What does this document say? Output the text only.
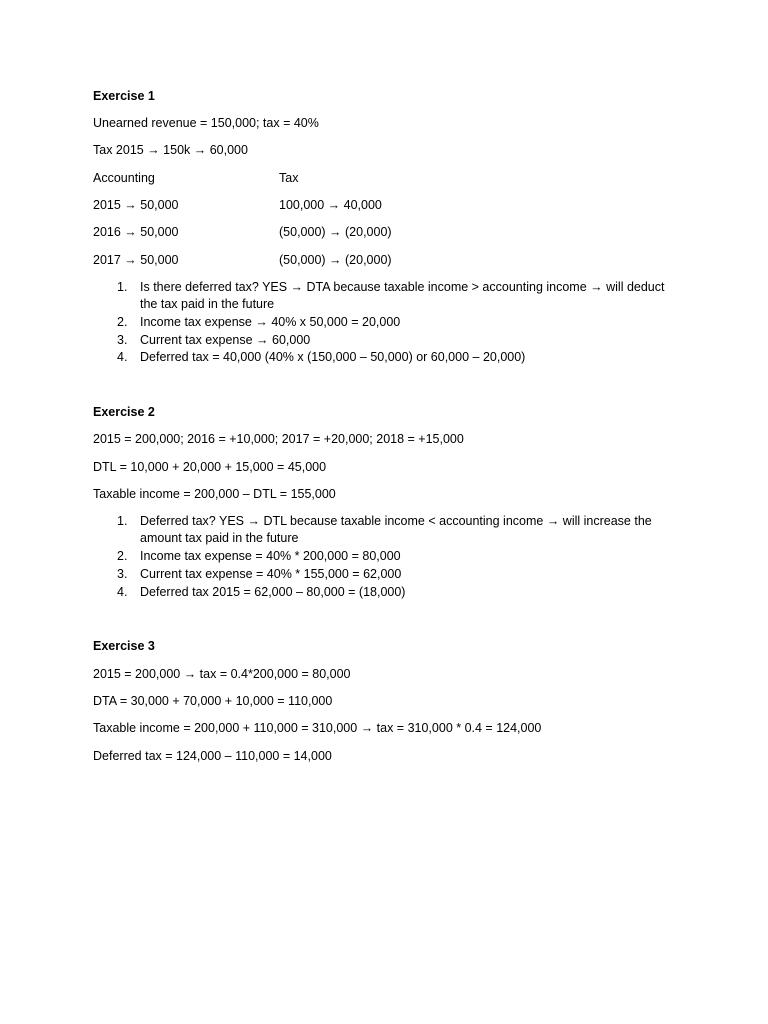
Exercise 1
Unearned revenue = 150,000; tax = 40%
Tax 2015 → 150k → 60,000
Accounting	Tax
2015 → 50,000	100,000 → 40,000
2016 → 50,000	(50,000) → (20,000)
2017 → 50,000	(50,000) → (20,000)
1.	Is there deferred tax? YES → DTA because taxable income > accounting income → will deduct the tax paid in the future
2.	Income tax expense → 40% x 50,000 = 20,000
3.	Current tax expense → 60,000
4.	Deferred tax = 40,000 (40% x (150,000 – 50,000) or 60,000 – 20,000)
Exercise 2
2015 = 200,000; 2016 = +10,000; 2017 = +20,000; 2018 = +15,000
DTL = 10,000 + 20,000 + 15,000 = 45,000
Taxable income = 200,000 – DTL = 155,000
1.	Deferred tax? YES → DTL because taxable income < accounting income → will increase the amount tax paid in the future
2.	Income tax expense = 40% * 200,000 = 80,000
3.	Current tax expense = 40% * 155,000 = 62,000
4.	Deferred tax 2015 = 62,000 – 80,000 = (18,000)
Exercise 3
2015 = 200,000 → tax = 0.4*200,000 = 80,000
DTA = 30,000 + 70,000 + 10,000 = 110,000
Taxable income = 200,000 + 110,000 = 310,000 → tax = 310,000 * 0.4 = 124,000
Deferred tax = 124,000 – 110,000 = 14,000
